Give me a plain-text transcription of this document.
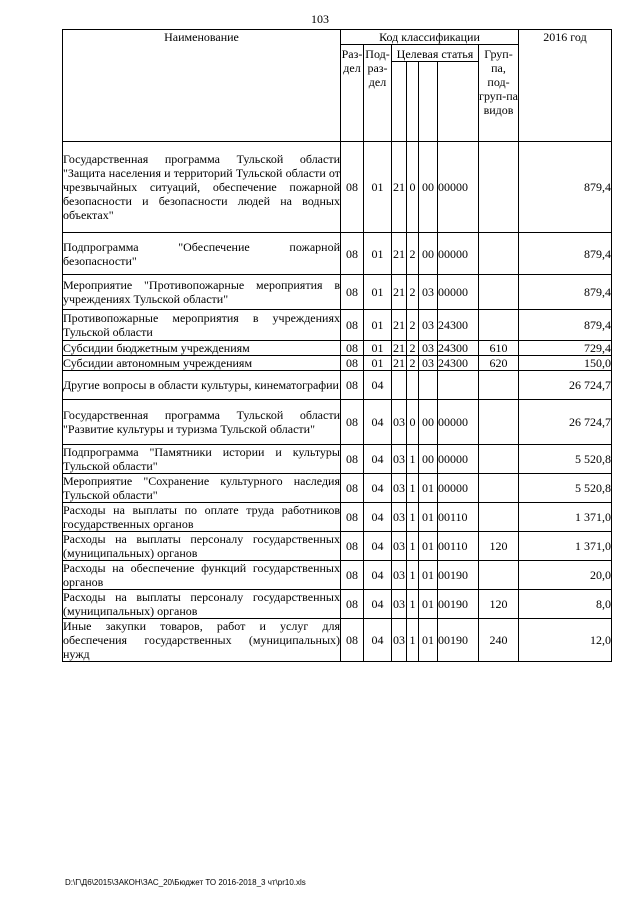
103
Наименование	Код классификации							2016 год
	Раз-дел	Под-раз-дел	Целевая статья				Груп-па, под-груп-па видов	

Государственная программа Тульской области "Защита населения и территорий Тульской области от чрезвычайных ситуаций, обеспечение пожарной безопасности и безопасности людей на водных объектах"	08	01	21	0	00	00000		879,4
Подпрограмма "Обеспечение пожарной безопасности"	08	01	21	2	00	00000		879,4
Мероприятие "Противопожарные мероприятия в учреждениях Тульской области"	08	01	21	2	03	00000		879,4
Противопожарные мероприятия в учреждениях Тульской области	08	01	21	2	03	24300		879,4
Субсидии бюджетным учреждениям	08	01	21	2	03	24300	610	729,4
Субсидии автономным учреждениям	08	01	21	2	03	24300	620	150,0
Другие вопросы в области культуры, кинематографии	08	04						26 724,7
Государственная программа Тульской области "Развитие культуры и туризма Тульской области"	08	04	03	0	00	00000		26 724,7
Подпрограмма "Памятники истории и культуры Тульской области"	08	04	03	1	00	00000		5 520,8
Мероприятие "Сохранение культурного наследия Тульской области"	08	04	03	1	01	00000		5 520,8
Расходы на выплаты по оплате труда работников государственных органов	08	04	03	1	01	00110		1 371,0
Расходы на выплаты персоналу государственных (муниципальных) органов	08	04	03	1	01	00110	120	1 371,0
Расходы на обеспечение функций государственных органов	08	04	03	1	01	00190		20,0
Расходы на выплаты персоналу государственных (муниципальных) органов	08	04	03	1	01	00190	120	8,0
Иные закупки товаров, работ и услуг для обеспечения государственных (муниципальных) нужд	08	04	03	1	01	00190	240	12,0
D:\Г\Д6\2015\ЗАКОН\ЗАС_20\Бюджет ТО 2016-2018_3 чт\pr10.xls
